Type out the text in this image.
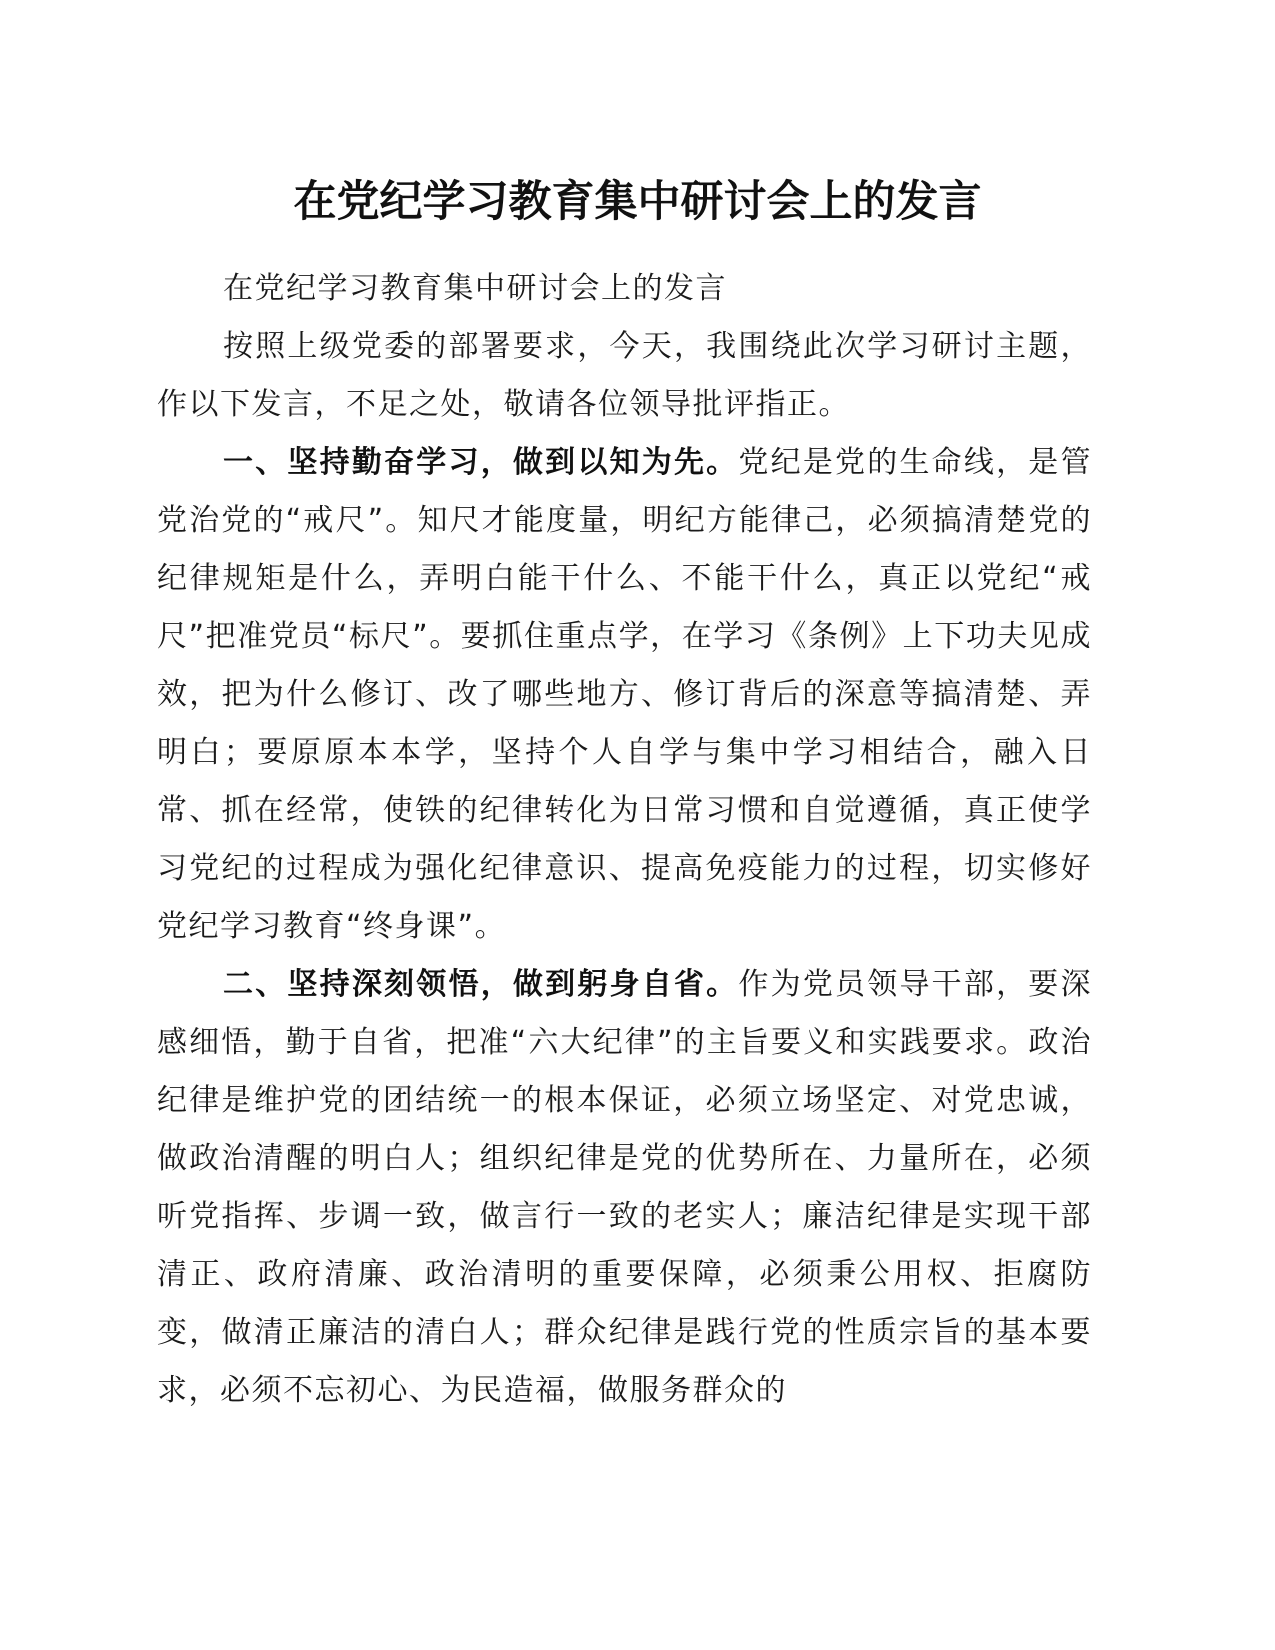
在党纪学习教育集中研讨会上的发言

在党纪学习教育集中研讨会上的发言

按照上级党委的部署要求，今天，我围绕此次学习研讨主题，作以下发言，不足之处，敬请各位领导批评指正。

一、坚持勤奋学习，做到以知为先。党纪是党的生命线，是管党治党的“戒尺”。知尺才能度量，明纪方能律己，必须搞清楚党的纪律规矩是什么，弄明白能干什么、不能干什么，真正以党纪“戒尺”把准党员“标尺”。要抓住重点学，在学习《条例》上下功夫见成效，把为什么修订、改了哪些地方、修订背后的深意等搞清楚、弄明白；要原原本本学，坚持个人自学与集中学习相结合，融入日常、抓在经常，使铁的纪律转化为日常习惯和自觉遵循，真正使学习党纪的过程成为强化纪律意识、提高免疫能力的过程，切实修好党纪学习教育“终身课”。

二、坚持深刻领悟，做到躬身自省。作为党员领导干部，要深感细悟，勤于自省，把准“六大纪律”的主旨要义和实践要求。政治纪律是维护党的团结统一的根本保证，必须立场坚定、对党忠诚，做政治清醒的明白人；组织纪律是党的优势所在、力量所在，必须听党指挥、步调一致，做言行一致的老实人；廉洁纪律是实现干部清正、政府清廉、政治清明的重要保障，必须秉公用权、拒腐防变，做清正廉洁的清白人；群众纪律是践行党的性质宗旨的基本要求，必须不忘初心、为民造福，做服务群众的
